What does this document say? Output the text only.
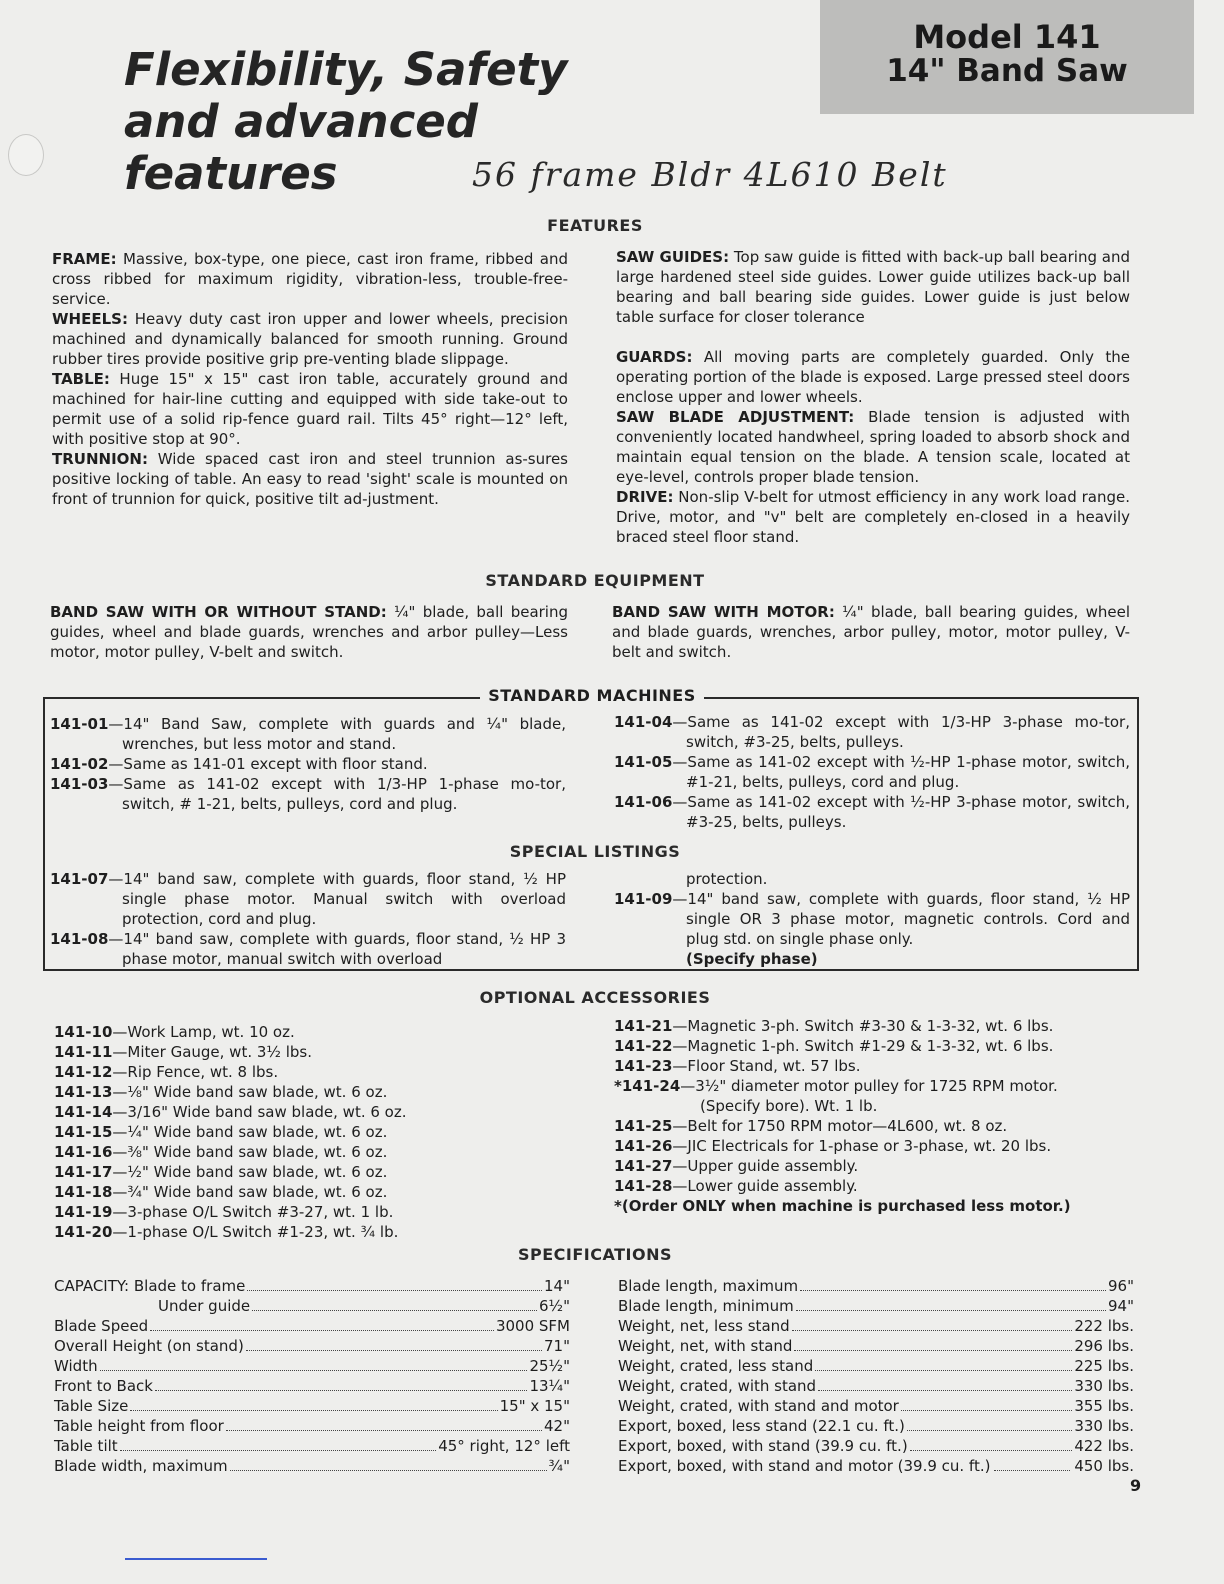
Model 141
14" Band Saw
Flexibility, Safety
and advanced
features	56 frame Bldr 4L610 Belt
FEATURES

FRAME: Massive, box-type, one piece, cast iron frame, ribbed and cross ribbed for maximum rigidity, vibration-less, trouble-free-service.

WHEELS: Heavy duty cast iron upper and lower wheels, precision machined and dynamically balanced for smooth running. Ground rubber tires provide positive grip pre-venting blade slippage.

TABLE: Huge 15" x 15" cast iron table, accurately ground and machined for hair-line cutting and equipped with side take-out to permit use of a solid rip-fence guard rail. Tilts 45° right—12° left, with positive stop at 90°.

TRUNNION: Wide spaced cast iron and steel trunnion as-sures positive locking of table. An easy to read 'sight' scale is mounted on front of trunnion for quick, positive tilt ad-justment.

SAW GUIDES: Top saw guide is fitted with back-up ball bearing and large hardened steel side guides. Lower guide utilizes back-up ball bearing and ball bearing side guides. Lower guide is just below table surface for closer tolerance

GUARDS: All moving parts are completely guarded. Only the operating portion of the blade is exposed. Large pressed steel doors enclose upper and lower wheels.

SAW BLADE ADJUSTMENT: Blade tension is adjusted with conveniently located handwheel, spring loaded to absorb shock and maintain equal tension on the blade. A tension scale, located at eye-level, controls proper blade tension.

DRIVE: Non-slip V-belt for utmost efficiency in any work load range. Drive, motor, and "v" belt are completely en-closed in a heavily braced steel floor stand.

STANDARD EQUIPMENT

BAND SAW WITH OR WITHOUT STAND: ¼" blade, ball bearing guides, wheel and blade guards, wrenches and arbor pulley—Less motor, motor pulley, V-belt and switch.

BAND SAW WITH MOTOR: ¼" blade, ball bearing guides, wheel and blade guards, wrenches, arbor pulley, motor, motor pulley, V-belt and switch.

STANDARD MACHINES

141-01—14" Band Saw, complete with guards and ¼" blade, wrenches, but less motor and stand.

141-02—Same as 141-01 except with floor stand.

141-03—Same as 141-02 except with 1/3-HP 1-phase mo-tor, switch, # 1-21, belts, pulleys, cord and plug.

141-04—Same as 141-02 except with 1/3-HP 3-phase mo-tor, switch, #3-25, belts, pulleys.

141-05—Same as 141-02 except with ½-HP 1-phase motor, switch, #1-21, belts, pulleys, cord and plug.

141-06—Same as 141-02 except with ½-HP 3-phase motor, switch, #3-25, belts, pulleys.

SPECIAL LISTINGS

141-07—14" band saw, complete with guards, floor stand, ½ HP single phase motor. Manual switch with overload protection, cord and plug.

141-08—14" band saw, complete with guards, floor stand, ½ HP 3 phase motor, manual switch with overload

protection.

141-09—14" band saw, complete with guards, floor stand, ½ HP single OR 3 phase motor, magnetic controls. Cord and plug std. on single phase only.

(Specify phase)

OPTIONAL ACCESSORIES
141-10—Work Lamp, wt. 10 oz.
141-11—Miter Gauge, wt. 3½ lbs.
141-12—Rip Fence, wt. 8 lbs.
141-13—⅛" Wide band saw blade, wt. 6 oz.
141-14—3/16" Wide band saw blade, wt. 6 oz.
141-15—¼" Wide band saw blade, wt. 6 oz.
141-16—⅜" Wide band saw blade, wt. 6 oz.
141-17—½" Wide band saw blade, wt. 6 oz.
141-18—¾" Wide band saw blade, wt. 6 oz.
141-19—3-phase O/L Switch #3-27, wt. 1 lb.
141-20—1-phase O/L Switch #1-23, wt. ¾ lb.
141-21—Magnetic 3-ph. Switch #3-30 & 1-3-32, wt. 6 lbs.
141-22—Magnetic 1-ph. Switch #1-29 & 1-3-32, wt. 6 lbs.
141-23—Floor Stand, wt. 57 lbs.
*141-24—3½" diameter motor pulley for 1725 RPM motor.
(Specify bore). Wt. 1 lb.
141-25—Belt for 1750 RPM motor—4L600, wt. 8 oz.
141-26—JIC Electricals for 1-phase or 3-phase, wt. 20 lbs.
141-27—Upper guide assembly.
141-28—Lower guide assembly.
*(Order ONLY when machine is purchased less motor.)
SPECIFICATIONS
CAPACITY: Blade to frame	14"
Under guide	6½"
Blade Speed	3000 SFM
Overall Height (on stand)	71"
Width	25½"
Front to Back	13¼"
Table Size	15" x 15"
Table height from floor	42"
Table tilt	45° right, 12° left
Blade width, maximum	¾"
Blade length, maximum	96"
Blade length, minimum	94"
Weight, net, less stand	222 lbs.
Weight, net, with stand	296 lbs.
Weight, crated, less stand	225 lbs.
Weight, crated, with stand	330 lbs.
Weight, crated, with stand and motor	355 lbs.
Export, boxed, less stand (22.1 cu. ft.)	330 lbs.
Export, boxed, with stand (39.9 cu. ft.)	422 lbs.
Export, boxed, with stand and motor (39.9 cu. ft.)	450 lbs.
9
